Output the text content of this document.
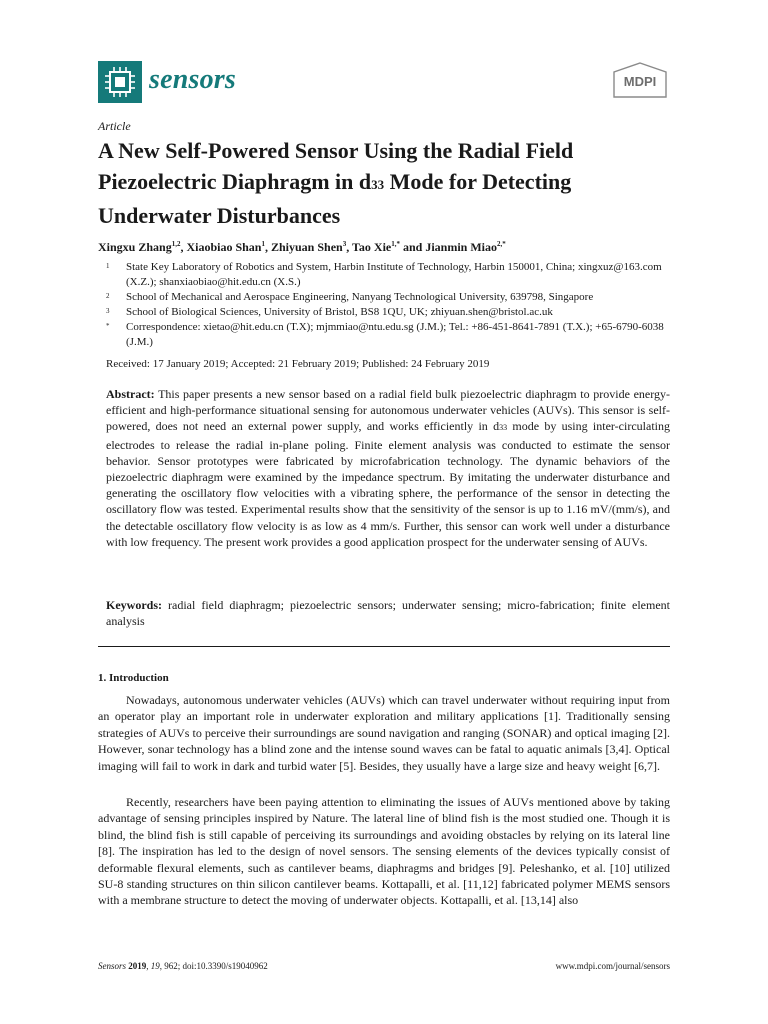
sensors	MDPI
Article
A New Self-Powered Sensor Using the Radial Field Piezoelectric Diaphragm in d33 Mode for Detecting Underwater Disturbances
Xingxu Zhang$^{1,2}$, Xiaobiao Shan$^1$, Zhiyuan Shen$^3$, Tao Xie$^{1,*}$ and Jianmin Miao$^{2,*}$
1	State Key Laboratory of Robotics and System, Harbin Institute of Technology, Harbin 150001, China; xingxuz@163.com (X.Z.); shanxiaobiao@hit.edu.cn (X.S.)
2	School of Mechanical and Aerospace Engineering, Nanyang Technological University, 639798, Singapore
3	School of Biological Sciences, University of Bristol, BS8 1QU, UK; zhiyuan.shen@bristol.ac.uk
*	Correspondence: xietao@hit.edu.cn (T.X); mjmmiao@ntu.edu.sg (J.M.); Tel.: +86-451-8641-7891 (T.X.); +65-6790-6038 (J.M.)
Received: 17 January 2019; Accepted: 21 February 2019; Published: 24 February 2019
Abstract: This paper presents a new sensor based on a radial field bulk piezoelectric diaphragm to provide energy-efficient and high-performance situational sensing for autonomous underwater vehicles (AUVs). This sensor is self-powered, does not need an external power supply, and works efficiently in d33 mode by using inter-circulating electrodes to release the radial in-plane poling. Finite element analysis was conducted to estimate the sensor behavior. Sensor prototypes were fabricated by microfabrication technology. The dynamic behaviors of the piezoelectric diaphragm were examined by the impedance spectrum. By imitating the underwater disturbance and generating the oscillatory flow velocities with a vibrating sphere, the performance of the sensor in detecting the oscillatory flow was tested. Experimental results show that the sensitivity of the sensor is up to 1.16 mV/(mm/s), and the detectable oscillatory flow velocity is as low as 4 mm/s. Further, this sensor can work well under a disturbance with low frequency. The present work provides a good application prospect for the underwater sensing of AUVs.
Keywords: radial field diaphragm; piezoelectric sensors; underwater sensing; micro-fabrication; finite element analysis
1. Introduction
Nowadays, autonomous underwater vehicles (AUVs) which can travel underwater without requiring input from an operator play an important role in underwater exploration and military applications [1]. Traditionally sensing strategies of AUVs to perceive their surroundings are sound navigation and ranging (SONAR) and optical imaging [2]. However, sonar technology has a blind zone and the intense sound waves can be fatal to aquatic animals [3,4]. Optical imaging will fail to work in dark and turbid water [5]. Besides, they usually have a large size and heavy weight [6,7].
Recently, researchers have been paying attention to eliminating the issues of AUVs mentioned above by taking advantage of sensing principles inspired by Nature. The lateral line of blind fish is the most studied one. Though it is blind, the blind fish is still capable of perceiving its surroundings and avoiding obstacles by relying on its lateral line [8]. The inspiration has led to the design of novel sensors. The sensing elements of the devices typically consist of deformable flexural elements, such as cantilever beams, diaphragms and bridges [9]. Peleshanko, et al. [10] utilized SU-8 standing structures on thin silicon cantilever beams. Kottapalli, et al. [11,12] fabricated polymer MEMS sensors with a membrane structure to detect the moving of underwater objects. Kottapalli, et al. [13,14] also
Sensors 2019, 19, 962; doi:10.3390/s19040962	www.mdpi.com/journal/sensors
